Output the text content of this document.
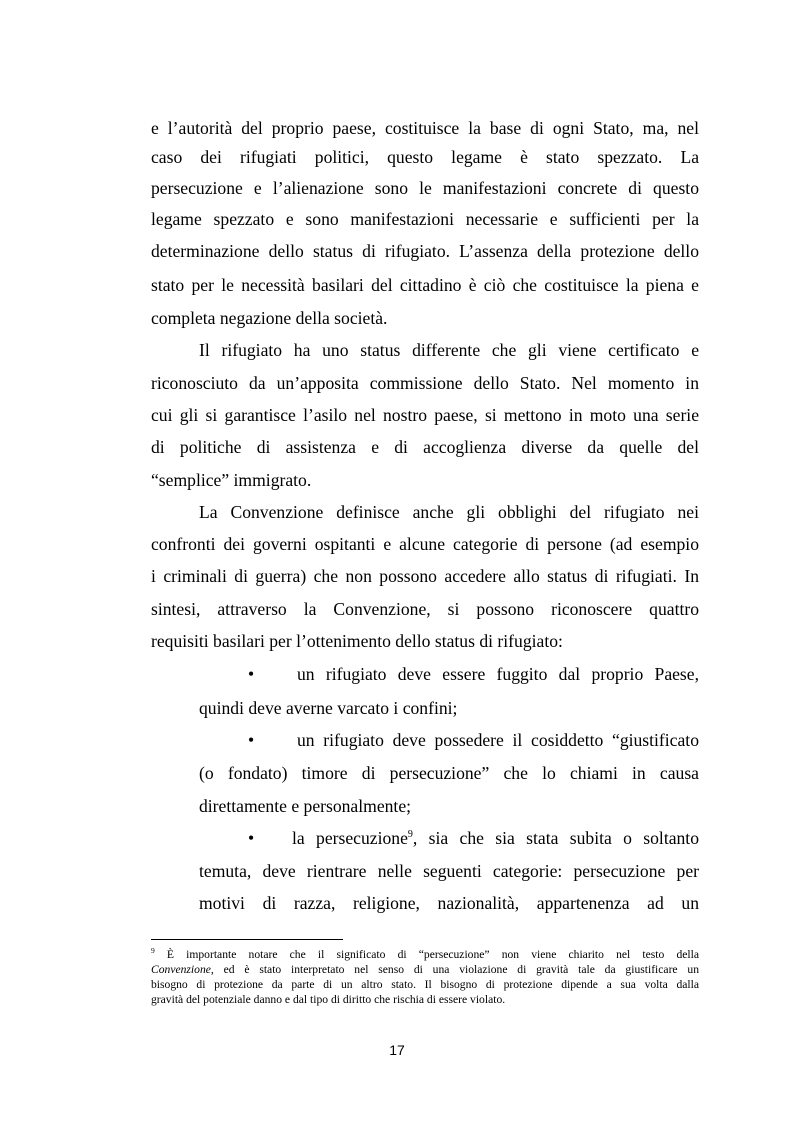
e l’autorità del proprio paese, costituisce la base di ogni Stato, ma, nel
caso dei rifugiati politici, questo legame è stato spezzato. La
persecuzione e l’alienazione sono le manifestazioni concrete di questo
legame spezzato e sono manifestazioni necessarie e sufficienti per la
determinazione dello status di rifugiato. L’assenza della protezione dello
stato per le necessità basilari del cittadino è ciò che costituisce la piena e
completa negazione della società.
Il rifugiato ha uno status differente che gli viene certificato e
riconosciuto da un’apposita commissione dello Stato. Nel momento in
cui gli si garantisce l’asilo nel nostro paese, si mettono in moto una serie
di politiche di assistenza e di accoglienza diverse da quelle del
“semplice” immigrato.
La Convenzione definisce anche gli obblighi del rifugiato nei
confronti dei governi ospitanti e alcune categorie di persone (ad esempio
i criminali di guerra) che non possono accedere allo status di rifugiati. In
sintesi, attraverso la Convenzione, si possono riconoscere quattro
requisiti basilari per l’ottenimento dello status di rifugiato:
• un rifugiato deve essere fuggito dal proprio Paese,
quindi deve averne varcato i confini;
• un rifugiato deve possedere il cosiddetto “giustificato
(o fondato) timore di persecuzione” che lo chiami in causa
direttamente e personalmente;
• la persecuzione$^9$, sia che sia stata subita o soltanto
temuta, deve rientrare nelle seguenti categorie: persecuzione per
motivi di razza, religione, nazionalità, appartenenza ad un
$^9$ È importante notare che il significato di “persecuzione” non viene chiarito nel testo della
Convenzione, ed è stato interpretato nel senso di una violazione di gravità tale da giustificare un
bisogno di protezione da parte di un altro stato. Il bisogno di protezione dipende a sua volta dalla
gravità del potenziale danno e dal tipo di diritto che rischia di essere violato.
17
